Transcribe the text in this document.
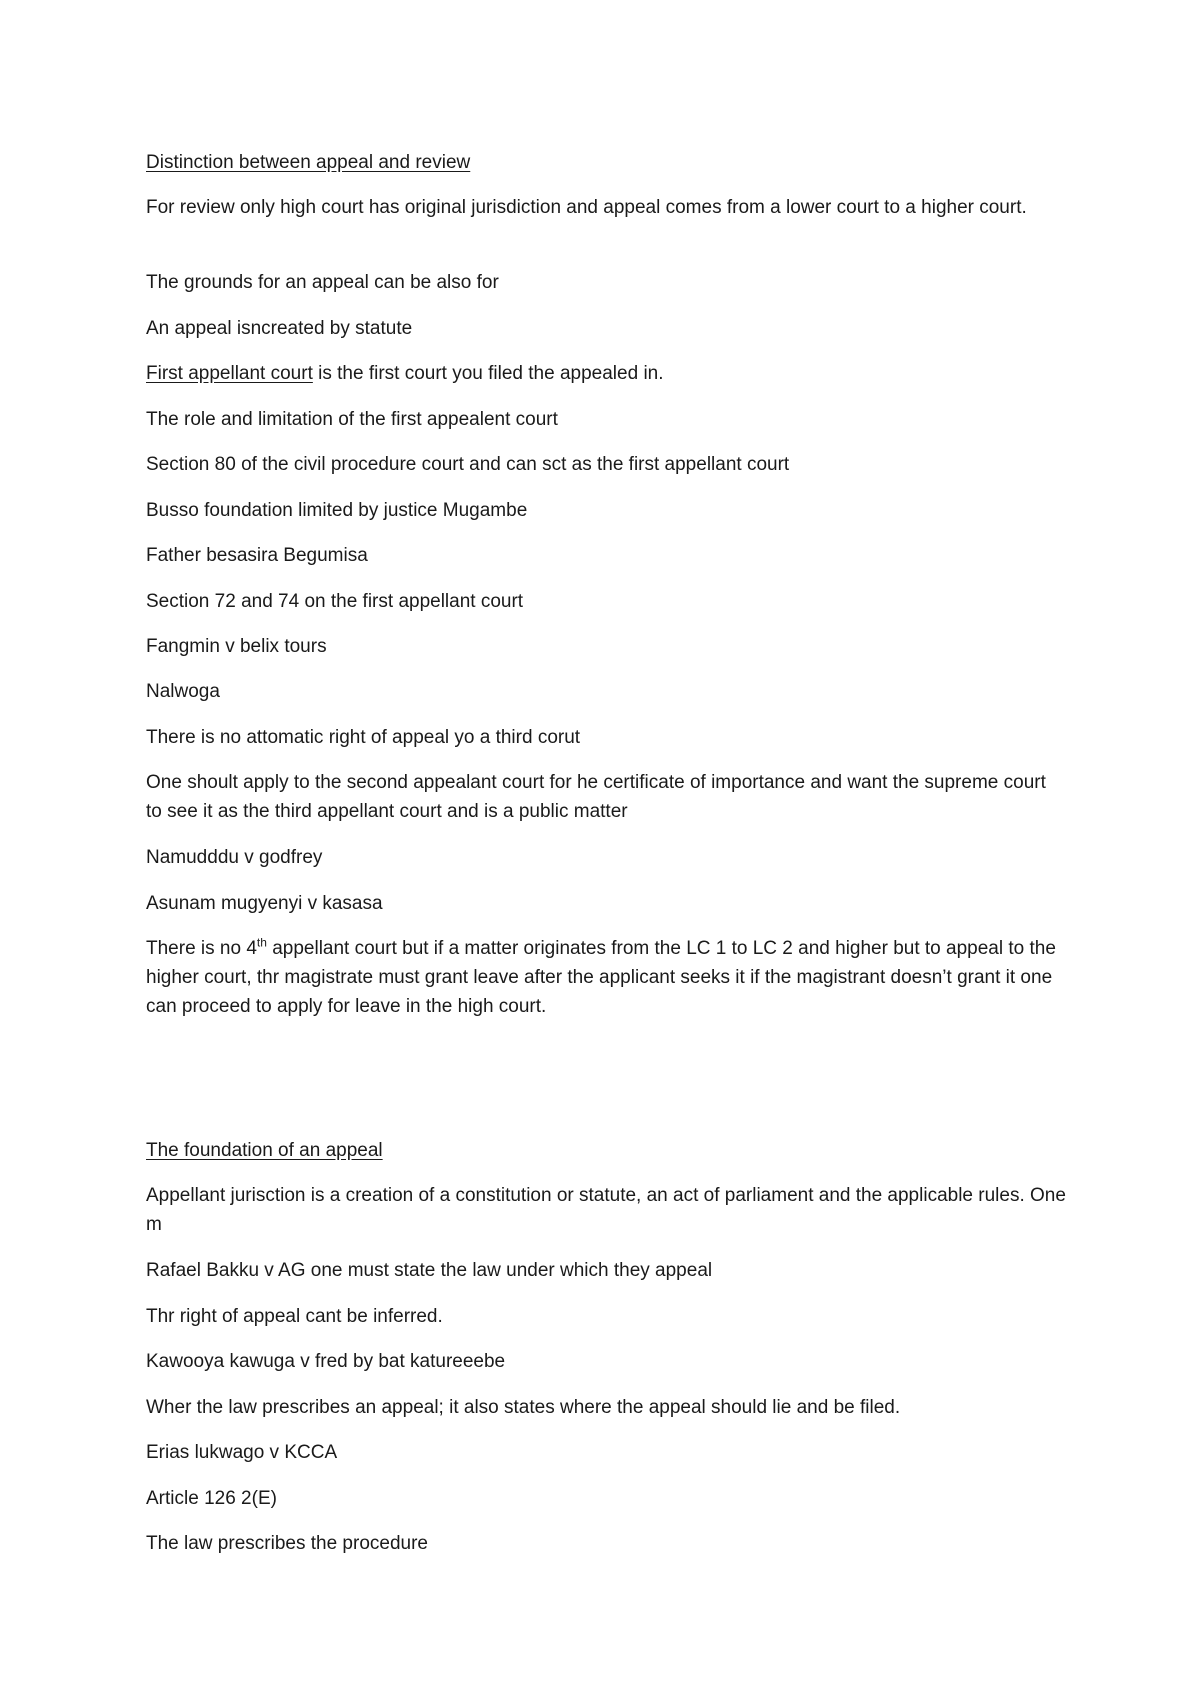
Distinction between appeal and review
For review only high court has original jurisdiction and appeal comes from a lower court to a higher court.
The grounds for an appeal can be also for
An appeal isncreated by statute
First appellant court is the first court you filed the appealed in.
The role and limitation of the first appealent court
Section 80 of the civil procedure court and can sct as the first appellant court
Busso foundation limited by justice Mugambe
Father besasira Begumisa
Section 72 and 74 on the first appellant court
Fangmin v belix tours
Nalwoga
There is no attomatic right of appeal yo a third corut
One shoult apply to the second appealant court for he certificate of importance and want the supreme court to see it as the third appellant court and is a public matter
Namudddu v godfrey
Asunam mugyenyi v kasasa
There is no 4th appellant court but if a matter originates from the LC 1 to LC 2 and higher but to appeal to the higher court, thr magistrate must grant leave after the applicant seeks it if the magistrant doesn’t grant it one can proceed to apply for leave in the high court.
The foundation of an appeal
Appellant jurisction is a creation of a constitution or statute, an act of parliament and the applicable rules. One m
Rafael Bakku v AG one must state the law under which they appeal
Thr right of appeal cant be inferred.
Kawooya kawuga v fred by bat katureeebe
Wher the law prescribes an appeal; it also states where the appeal should lie and be filed.
Erias lukwago v KCCA
Article 126 2(E)
The law prescribes the procedure
